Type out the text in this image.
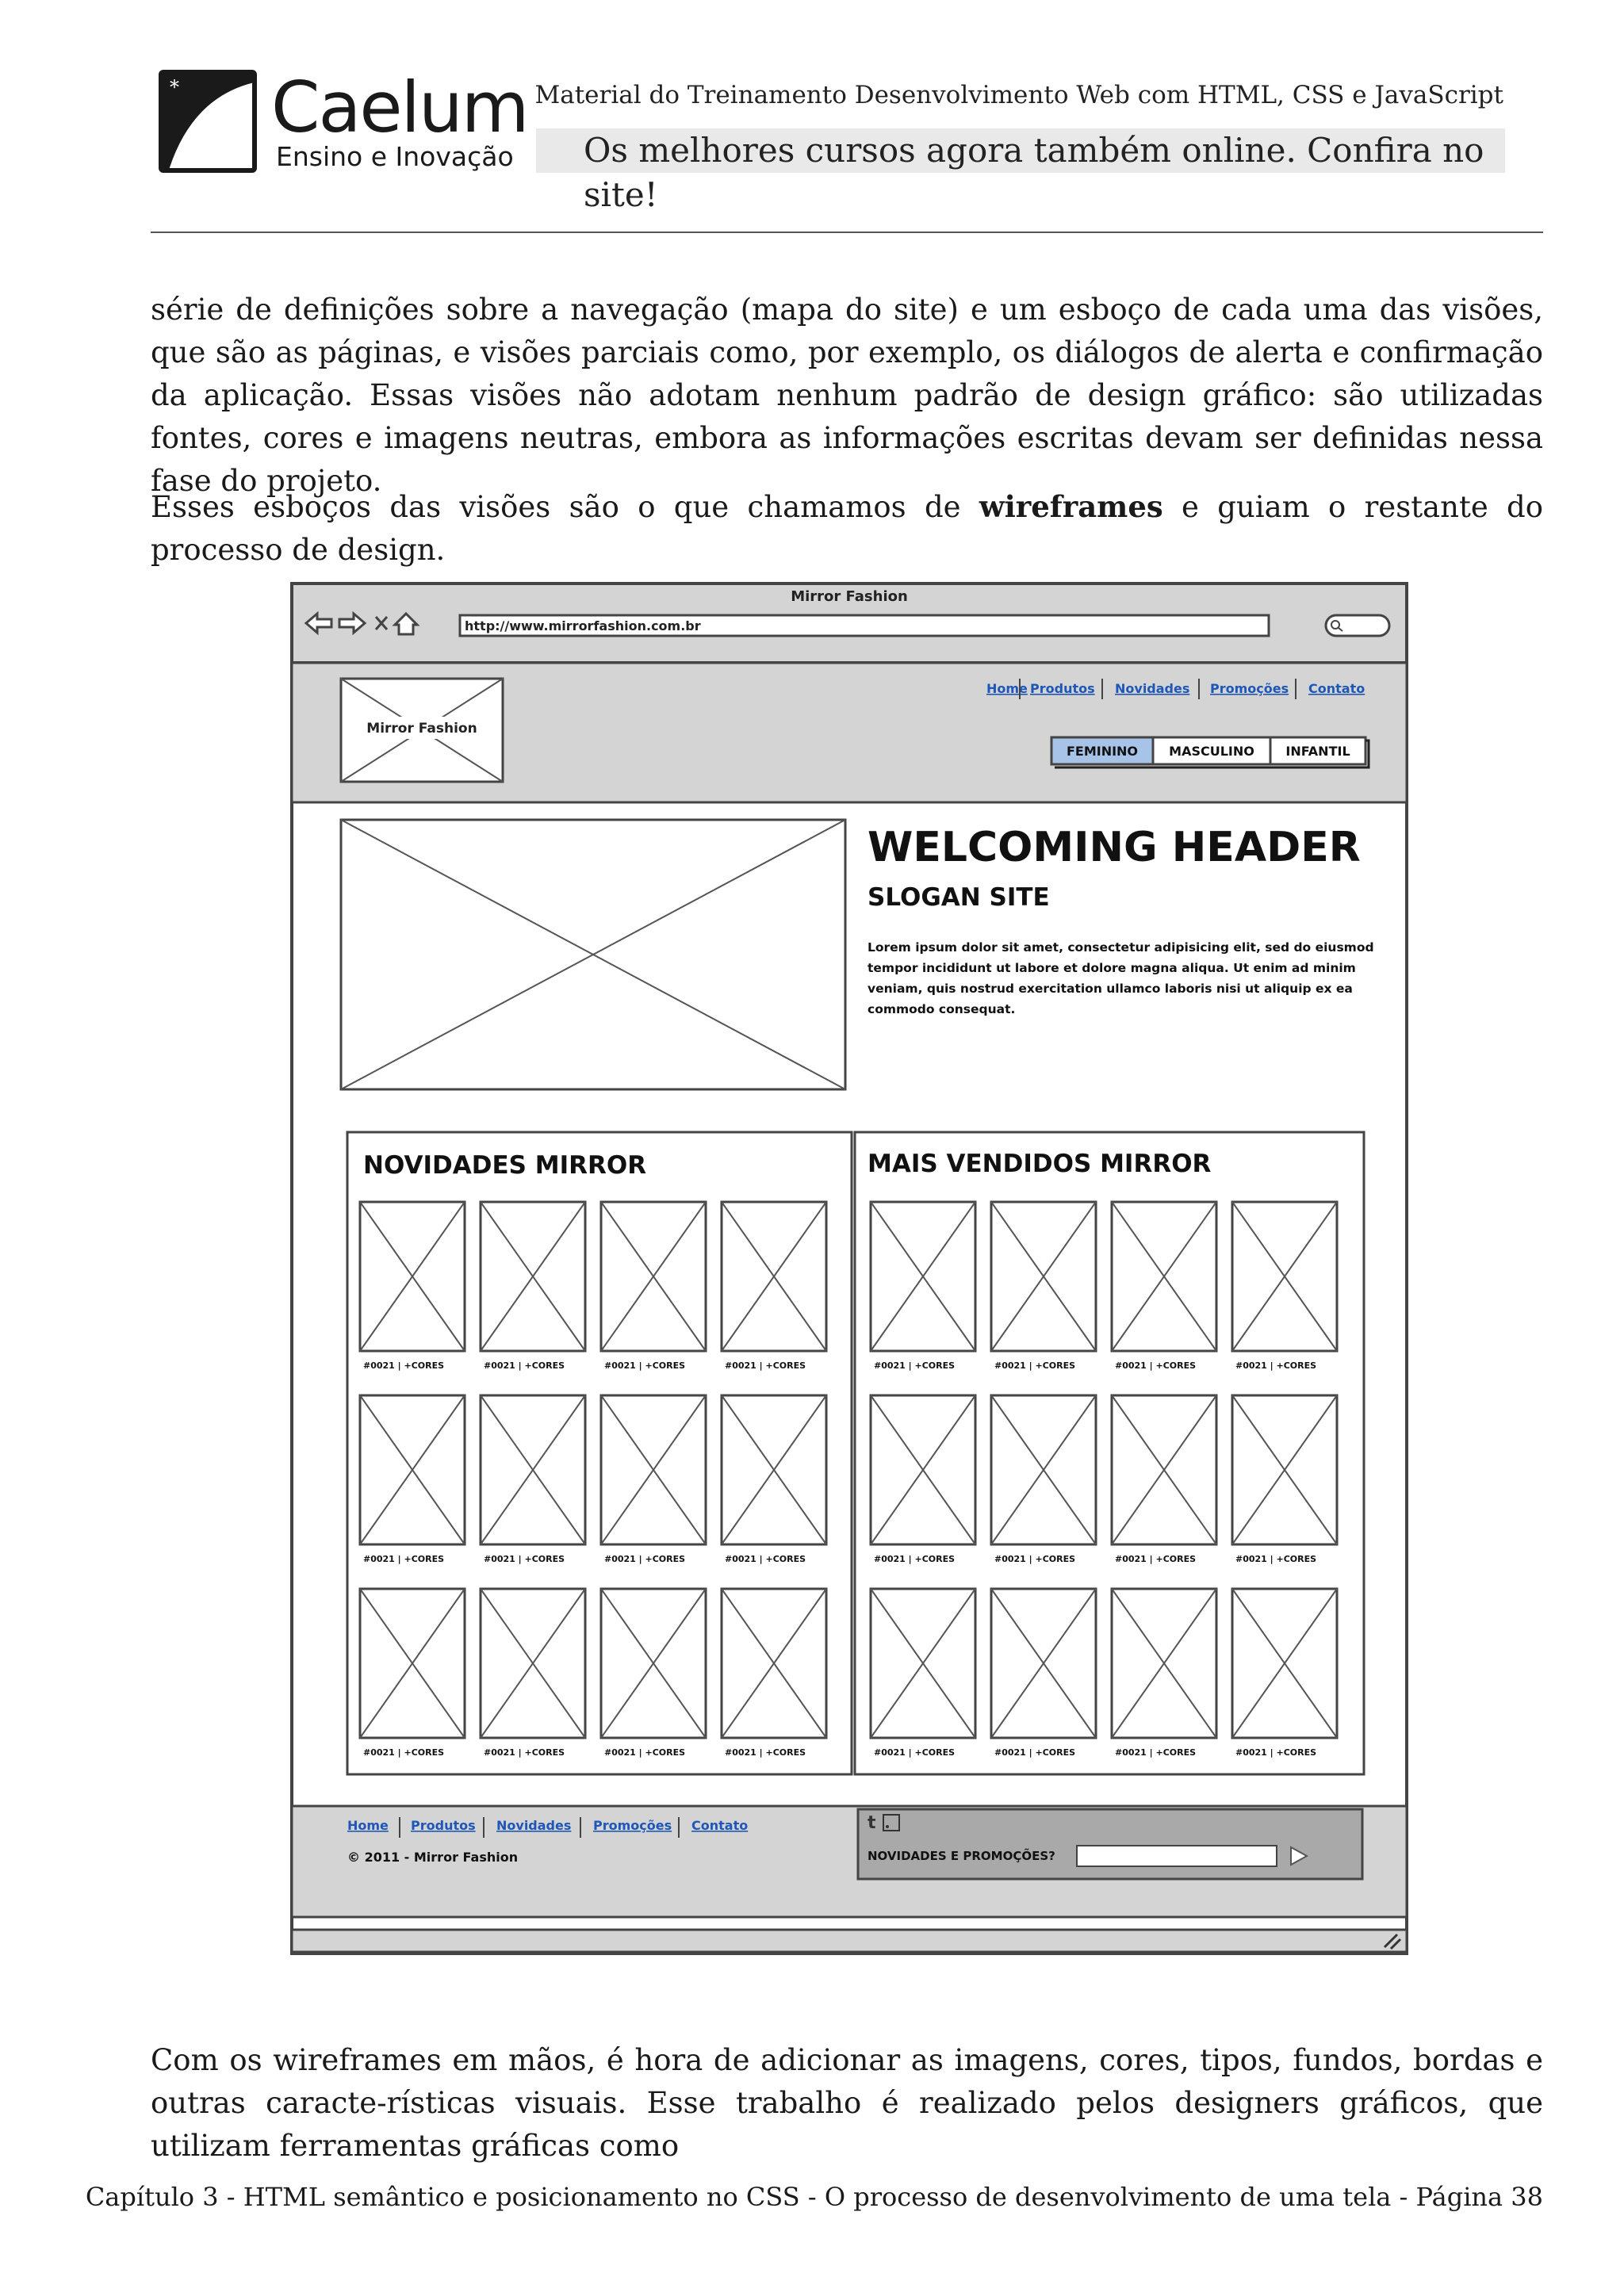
* Caelum
Ensino e Inovação
Material do Treinamento Desenvolvimento Web com HTML, CSS e JavaScript
Os melhores cursos agora também online. Confira no site!

série de definições sobre a navegação (mapa do site) e um esboço de cada uma das visões, que são as páginas, e visões parciais como, por exemplo, os diálogos de alerta e confirmação da aplicação. Essas visões não adotam nenhum padrão de design gráfico: são utilizadas fontes, cores e imagens neutras, embora as informações escritas devam ser definidas nessa fase do projeto.

Esses esboços das visões são o que chamamos de wireframes e guiam o restante do processo de design.

Mirror Fashion
http://www.mirrorfashion.com.br
Mirror Fashion
Home Produtos Novidades Promoções Contato
FEMININO MASCULINO INFANTIL
WELCOMING HEADER
SLOGAN SITE
Lorem ipsum dolor sit amet, consectetur adipisicing elit, sed do eiusmod
tempor incididunt ut labore et dolore magna aliqua. Ut enim ad minim
veniam, quis nostrud exercitation ullamco laboris nisi ut aliquip ex ea
commodo consequat.
NOVIDADES MIRROR	MAIS VENDIDOS MIRROR
#0021 | +CORES	#0021 | +CORES	#0021 | +CORES	#0021 | +CORES	#0021 | +CORES	#0021 | +CORES	#0021 | +CORES	#0021 | +CORES
#0021 | +CORES	#0021 | +CORES	#0021 | +CORES	#0021 | +CORES	#0021 | +CORES	#0021 | +CORES	#0021 | +CORES	#0021 | +CORES
#0021 | +CORES	#0021 | +CORES	#0021 | +CORES	#0021 | +CORES	#0021 | +CORES	#0021 | +CORES	#0021 | +CORES	#0021 | +CORES
Home Produtos Novidades Promoções Contato
© 2011 - Mirror Fashion
t
NOVIDADES E PROMOÇÕES?

Com os wireframes em mãos, é hora de adicionar as imagens, cores, tipos, fundos, bordas e outras caracte-rísticas visuais. Esse trabalho é realizado pelos designers gráficos, que utilizam ferramentas gráficas como

Capítulo 3 - HTML semântico e posicionamento no CSS - O processo de desenvolvimento de uma tela - Página 38
